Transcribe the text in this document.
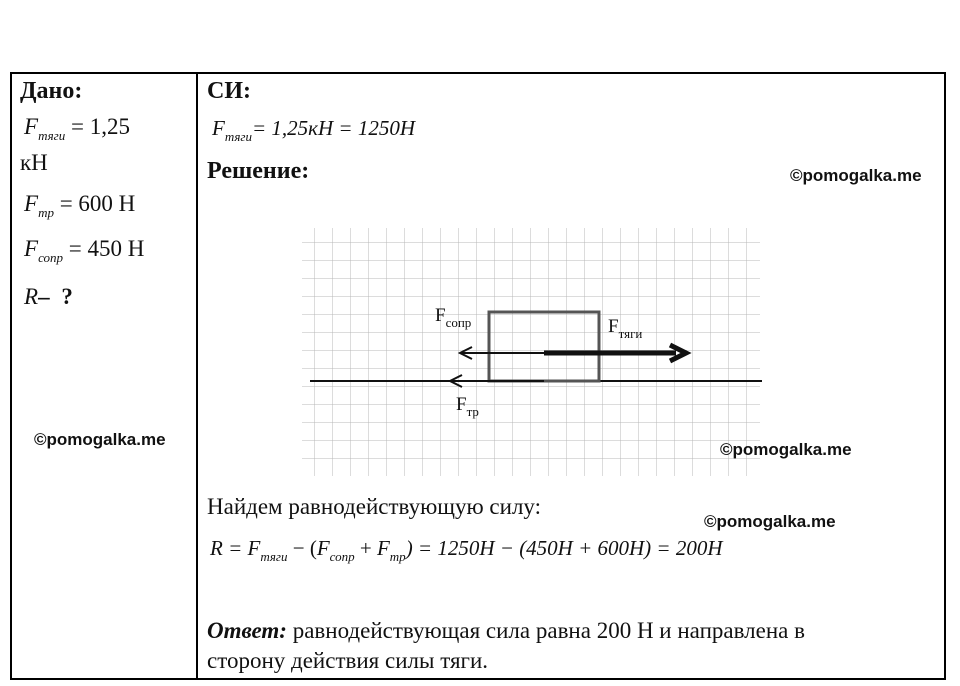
Дано:
$F_{тяги} = 1,25$
кН
$F_{тр} = 600$ Н
$F_{сопр} = 450$ Н
R– ?
©pomogalka.me
СИ:
$F_{тяги}= 1,25кН = 1250Н$
Решение:	©pomogalka.me
$F_{сопр}$	$F_{тяги}$
$F_{тр}$
©pomogalka.me
Найдем равнодействующую силу:
©pomogalka.me
$R = F_{тяги} - (F_{сопр} + F_{тр}) = 1250Н - (450Н + 600Н) = 200Н$
Ответ: равнодействующая сила равна 200 Н и направлена в
сторону действия силы тяги.
